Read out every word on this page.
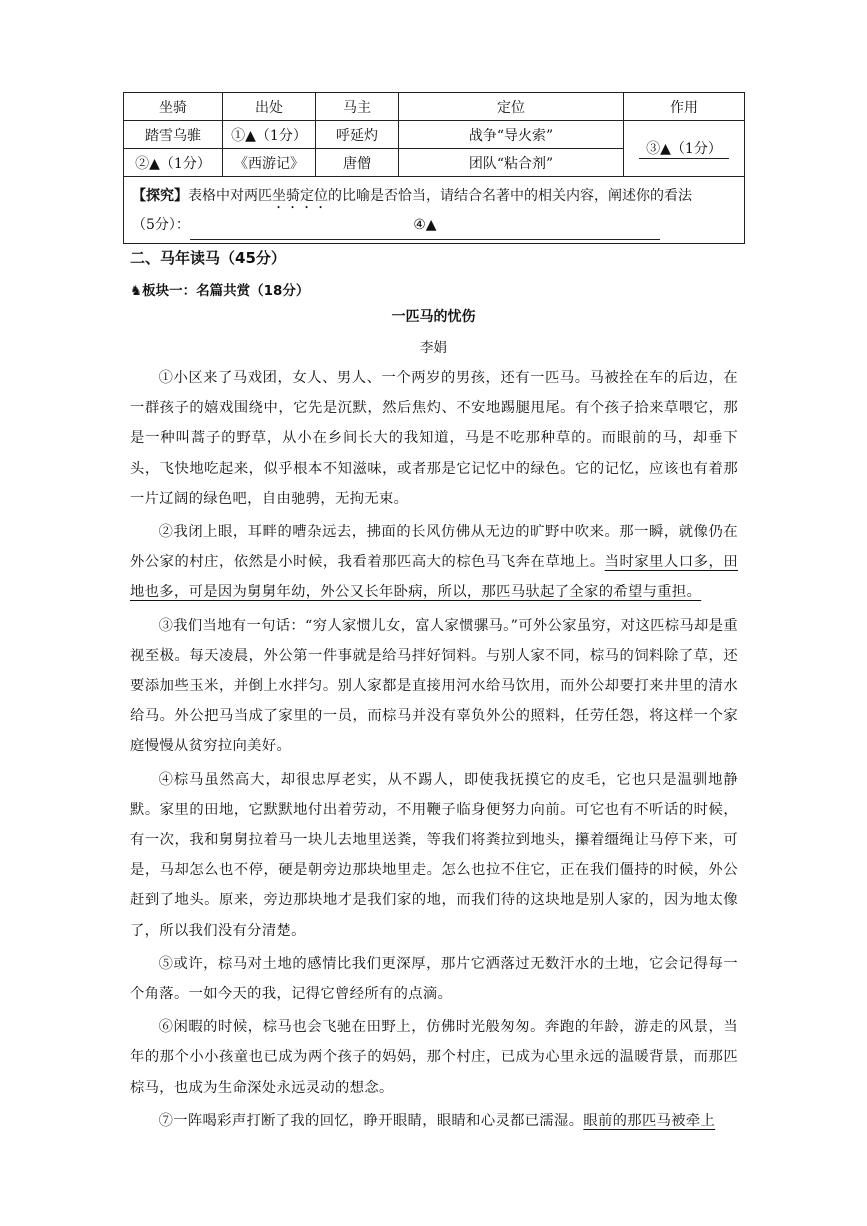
坐骑	出处	马主	定位	作用
踏雪乌骓	①▲（1分）	呼延灼	战争“导火索”	③▲（1分）
②▲（1分）	《西游记》	唐僧	团队“粘合剂”	
【探究】表格中对两匹坐骑定位的比喻是否恰当，请结合名著中的相关内容，阐述你的看法
（5分）： ④▲				
二、马年读马（45分）
♞板块一：名篇共赏（18分）
一匹马的忧伤
李娟

①小区来了马戏团，女人、男人、一个两岁的男孩，还有一匹马。马被拴在车的后边，在一群孩子的嬉戏围绕中，它先是沉默，然后焦灼、不安地踢腿甩尾。有个孩子拾来草喂它，那是一种叫蒿子的野草，从小在乡间长大的我知道，马是不吃那种草的。而眼前的马，却垂下头，飞快地吃起来，似乎根本不知滋味，或者那是它记忆中的绿色。它的记忆，应该也有着那一片辽阔的绿色吧，自由驰骋，无拘无束。

②我闭上眼，耳畔的嘈杂远去，拂面的长风仿佛从无边的旷野中吹来。那一瞬，就像仍在外公家的村庄，依然是小时候，我看着那匹高大的棕色马飞奔在草地上。当时家里人口多，田地也多，可是因为舅舅年幼，外公又长年卧病，所以，那匹马驮起了全家的希望与重担。

③我们当地有一句话：“穷人家惯儿女，富人家惯骡马。”可外公家虽穷，对这匹棕马却是重视至极。每天凌晨，外公第一件事就是给马拌好饲料。与别人家不同，棕马的饲料除了草，还要添加些玉米，并倒上水拌匀。别人家都是直接用河水给马饮用，而外公却要打来井里的清水给马。外公把马当成了家里的一员，而棕马并没有辜负外公的照料，任劳任怨，将这样一个家庭慢慢从贫穷拉向美好。

④棕马虽然高大，却很忠厚老实，从不踢人，即使我抚摸它的皮毛，它也只是温驯地静默。家里的田地，它默默地付出着劳动，不用鞭子临身便努力向前。可它也有不听话的时候，有一次，我和舅舅拉着马一块儿去地里送粪，等我们将粪拉到地头，攥着缰绳让马停下来，可是，马却怎么也不停，硬是朝旁边那块地里走。怎么也拉不住它，正在我们僵持的时候，外公赶到了地头。原来，旁边那块地才是我们家的地，而我们待的这块地是别人家的，因为地太像了，所以我们没有分清楚。

⑤或许，棕马对土地的感情比我们更深厚，那片它洒落过无数汗水的土地，它会记得每一个角落。一如今天的我，记得它曾经所有的点滴。

⑥闲暇的时候，棕马也会飞驰在田野上，仿佛时光般匆匆。奔跑的年龄，游走的风景，当年的那个小小孩童也已成为两个孩子的妈妈，那个村庄，已成为心里永远的温暖背景，而那匹棕马，也成为生命深处永远灵动的想念。

⑦一阵喝彩声打断了我的回忆，睁开眼睛，眼睛和心灵都已濡湿。眼前的那匹马被牵上
